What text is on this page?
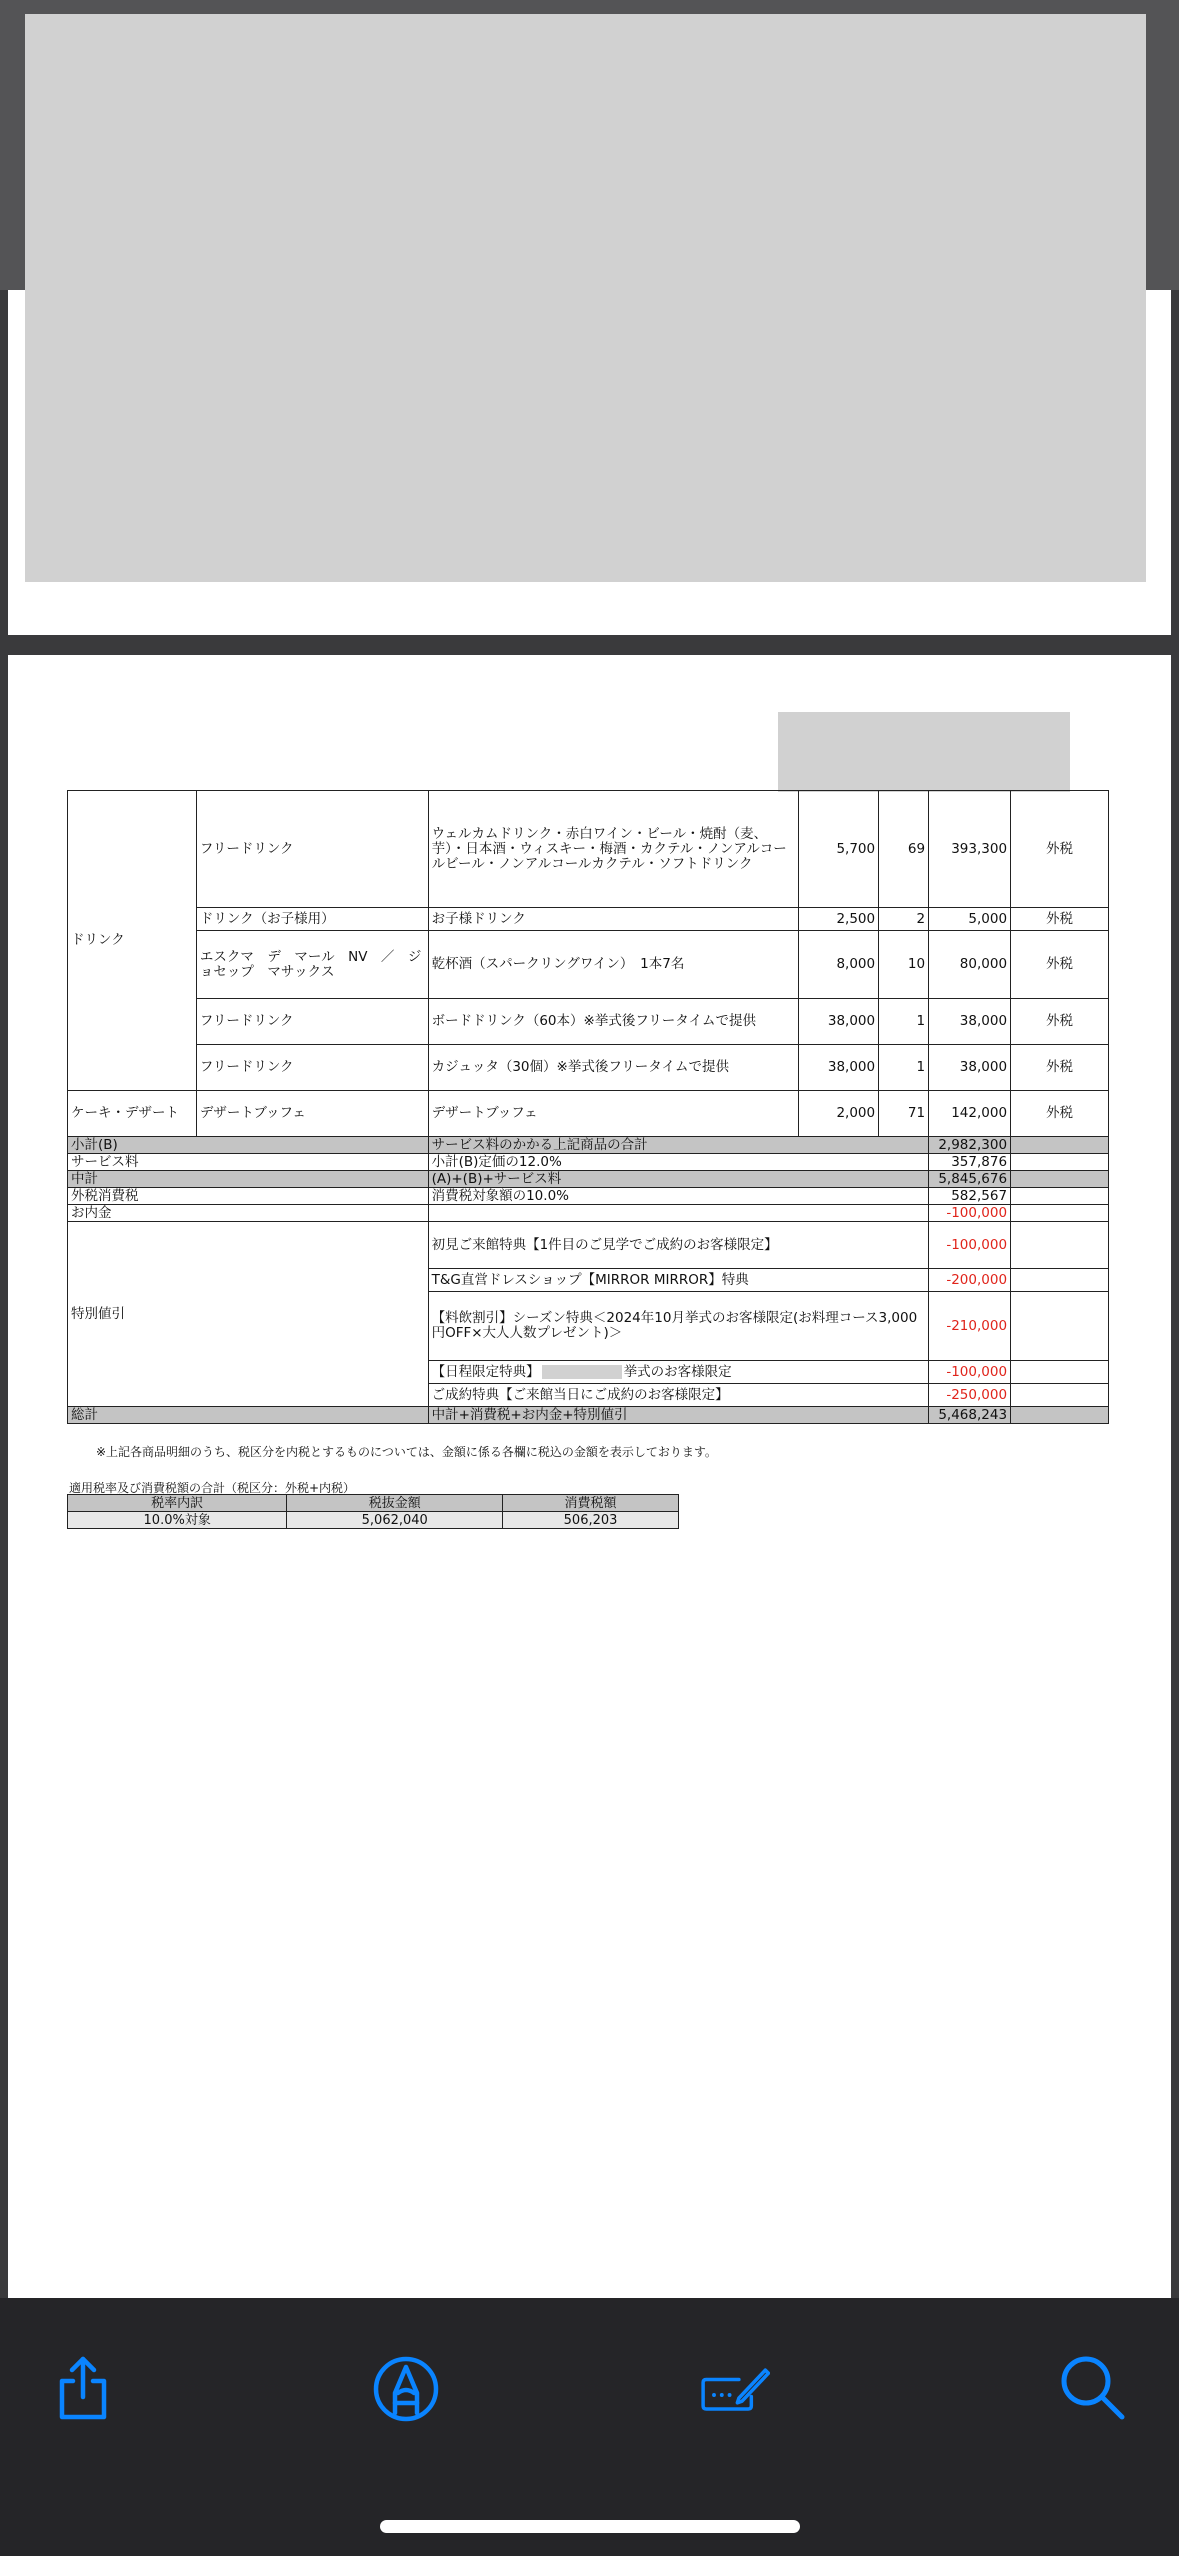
ドリンク	フリードリンク	ウェルカムドリンク・赤白ワイン・ビール・焼酎（麦、芋）・日本酒・ウィスキー・梅酒・カクテル・ノンアルコールビール・ノンアルコールカクテル・ソフトドリンク	5,700	69	393,300	外税
	ドリンク（お子様用）	お子様ドリンク	2,500	2	5,000	外税
	エスクマ　デ　マール　NV　／　ジョセップ　マサックス	乾杯酒（スパークリングワイン）　1本7名	8,000	10	80,000	外税
	フリードリンク	ボードドリンク（60本）※挙式後フリータイムで提供	38,000	1	38,000	外税
	フリードリンク	カジュッタ（30個）※挙式後フリータイムで提供	38,000	1	38,000	外税
ケーキ・デザート	デザートブッフェ	デザートブッフェ	2,000	71	142,000	外税
小計(B)		サービス料のかかる上記商品の合計			2,982,300	
サービス料		小計(B)定価の12.0%			357,876	
中計		(A)+(B)+サービス料			5,845,676	
外税消費税		消費税対象額の10.0%			582,567	
お内金					-100,000	
特別値引		初見ご来館特典【1件目のご見学でご成約のお客様限定】			-100,000	
		T&G直営ドレスショップ【MIRROR MIRROR】特典			-200,000	
		【料飲割引】シーズン特典＜2024年10月挙式のお客様限定(お料理コース3,000円OFF×大人人数プレゼント)＞			-210,000	
		【日程限定特典】 挙式のお客様限定			-100,000	
		ご成約特典【ご来館当日にご成約のお客様限定】			-250,000	
総計		中計+消費税+お内金+特別値引			5,468,243	
※上記各商品明細のうち、税区分を内税とするものについては、金額に係る各欄に税込の金額を表示しております。
適用税率及び消費税額の合計（税区分：外税+内税）
税率内訳	税抜金額	消費税額
10.0%対象	5,062,040	506,203
